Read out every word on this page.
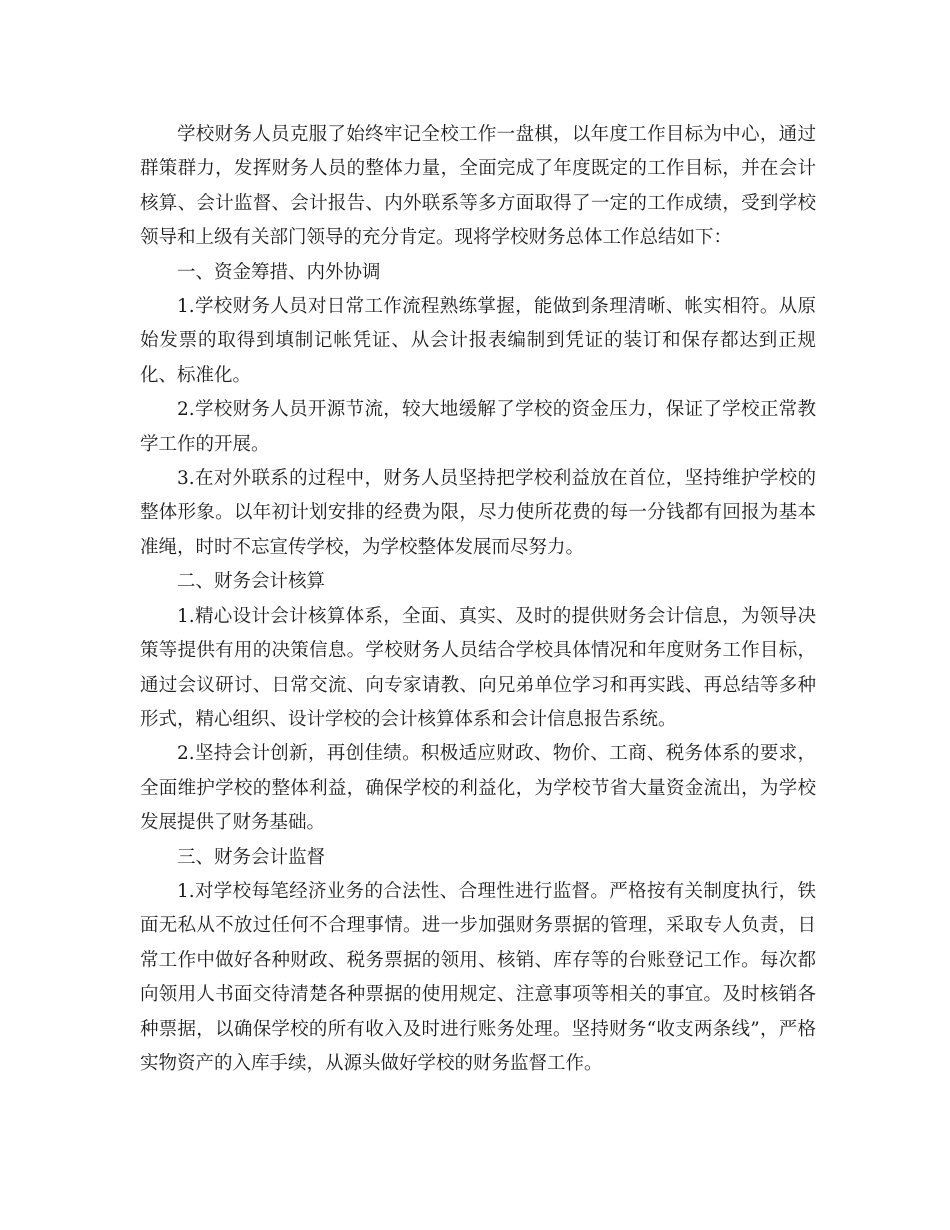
学校财务人员克服了始终牢记全校工作一盘棋，以年度工作目标为中心，通过群策群力，发挥财务人员的整体力量，全面完成了年度既定的工作目标，并在会计核算、会计监督、会计报告、内外联系等多方面取得了一定的工作成绩，受到学校领导和上级有关部门领导的充分肯定。现将学校财务总体工作总结如下：

一、资金筹措、内外协调

1.学校财务人员对日常工作流程熟练掌握，能做到条理清晰、帐实相符。从原始发票的取得到填制记帐凭证、从会计报表编制到凭证的装订和保存都达到正规化、标准化。

2.学校财务人员开源节流，较大地缓解了学校的资金压力，保证了学校正常教学工作的开展。

3.在对外联系的过程中，财务人员坚持把学校利益放在首位，坚持维护学校的整体形象。以年初计划安排的经费为限，尽力使所花费的每一分钱都有回报为基本准绳，时时不忘宣传学校，为学校整体发展而尽努力。

二、财务会计核算

1.精心设计会计核算体系，全面、真实、及时的提供财务会计信息，为领导决策等提供有用的决策信息。学校财务人员结合学校具体情况和年度财务工作目标，通过会议研讨、日常交流、向专家请教、向兄弟单位学习和再实践、再总结等多种形式，精心组织、设计学校的会计核算体系和会计信息报告系统。

2.坚持会计创新，再创佳绩。积极适应财政、物价、工商、税务体系的要求，全面维护学校的整体利益，确保学校的利益化，为学校节省大量资金流出，为学校发展提供了财务基础。

三、财务会计监督

1.对学校每笔经济业务的合法性、合理性进行监督。严格按有关制度执行，铁面无私从不放过任何不合理事情。进一步加强财务票据的管理，采取专人负责，日常工作中做好各种财政、税务票据的领用、核销、库存等的台账登记工作。每次都向领用人书面交待清楚各种票据的使用规定、注意事项等相关的事宜。及时核销各种票据，以确保学校的所有收入及时进行账务处理。坚持财务“收支两条线”，严格实物资产的入库手续，从源头做好学校的财务监督工作。
